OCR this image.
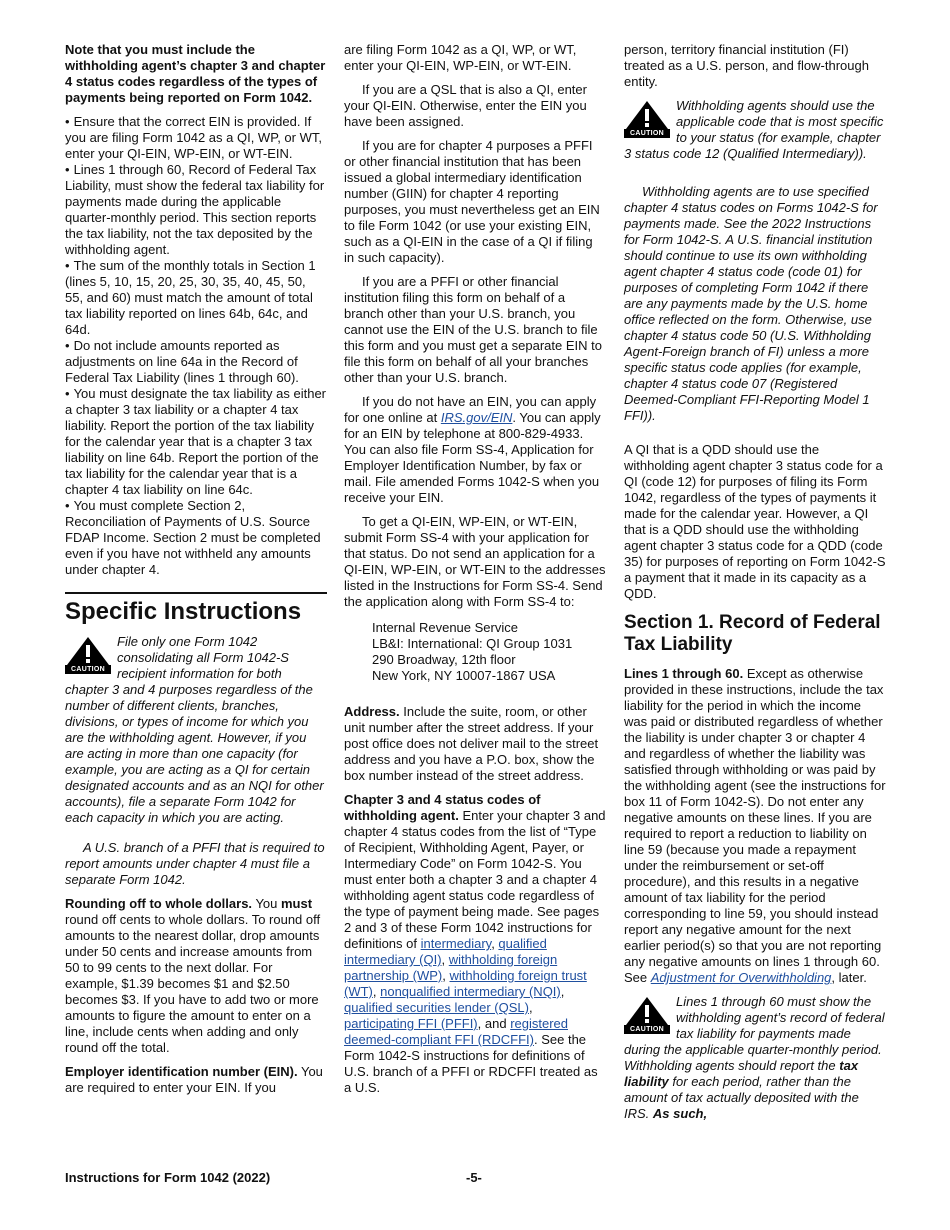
Note that you must include the withholding agent’s chapter 3 and chapter 4 status codes regardless of the types of payments being reported on Form 1042.

• Ensure that the correct EIN is provided. If you are filing Form 1042 as a QI, WP, or WT, enter your QI-EIN, WP-EIN, or WT-EIN.

• Lines 1 through 60, Record of Federal Tax Liability, must show the federal tax liability for payments made during the applicable quarter-monthly period. This section reports the tax liability, not the tax deposited by the withholding agent.

• The sum of the monthly totals in Section 1 (lines 5, 10, 15, 20, 25, 30, 35, 40, 45, 50, 55, and 60) must match the amount of total tax liability reported on lines 64b, 64c, and 64d.

• Do not include amounts reported as adjustments on line 64a in the Record of Federal Tax Liability (lines 1 through 60).

• You must designate the tax liability as either a chapter 3 tax liability or a chapter 4 tax liability. Report the portion of the tax liability for the calendar year that is a chapter 3 tax liability on line 64b. Report the portion of the tax liability for the calendar year that is a chapter 4 tax liability on line 64c.

• You must complete Section 2, Reconciliation of Payments of U.S. Source FDAP Income. Section 2 must be completed even if you have not withheld any amounts under chapter 4.

Specific Instructions
CAUTION

File only one Form 1042 consolidating all Form 1042-S recipient information for both chapter 3 and 4 purposes regardless of the number of different clients, branches, divisions, or types of income for which you are the withholding agent. However, if you are acting in more than one capacity (for example, you are acting as a QI for certain designated accounts and as an NQI for other accounts), file a separate Form 1042 for each capacity in which you are acting.

A U.S. branch of a PFFI that is required to report amounts under chapter 4 must file a separate Form 1042.

Rounding off to whole dollars. You must round off cents to whole dollars. To round off amounts to the nearest dollar, drop amounts under 50 cents and increase amounts from 50 to 99 cents to the next dollar. For example, $1.39 becomes $1 and $2.50 becomes $3. If you have to add two or more amounts to figure the amount to enter on a line, include cents when adding and only round off the total.

Employer identification number (EIN). You are required to enter your EIN. If you

are filing Form 1042 as a QI, WP, or WT, enter your QI-EIN, WP-EIN, or WT-EIN.

If you are a QSL that is also a QI, enter your QI-EIN. Otherwise, enter the EIN you have been assigned.

If you are for chapter 4 purposes a PFFI or other financial institution that has been issued a global intermediary identification number (GIIN) for chapter 4 reporting purposes, you must nevertheless get an EIN to file Form 1042 (or use your existing EIN, such as a QI-EIN in the case of a QI if filing in such capacity).

If you are a PFFI or other financial institution filing this form on behalf of a branch other than your U.S. branch, you cannot use the EIN of the U.S. branch to file this form and you must get a separate EIN to file this form on behalf of all your branches other than your U.S. branch.

If you do not have an EIN, you can apply for one online at IRS.gov/EIN. You can apply for an EIN by telephone at 800-829-4933. You can also file Form SS-4, Application for Employer Identification Number, by fax or mail. File amended Forms 1042-S when you receive your EIN.

To get a QI-EIN, WP-EIN, or WT-EIN, submit Form SS-4 with your application for that status. Do not send an application for a QI-EIN, WP-EIN, or WT-EIN to the addresses listed in the Instructions for Form SS-4. Send the application along with Form SS-4 to:

Internal Revenue Service
LB&I: International: QI Group 1031
290 Broadway, 12th floor
New York, NY 10007-1867 USA

Address. Include the suite, room, or other unit number after the street address. If your post office does not deliver mail to the street address and you have a P.O. box, show the box number instead of the street address.

Chapter 3 and 4 status codes of withholding agent. Enter your chapter 3 and chapter 4 status codes from the list of “Type of Recipient, Withholding Agent, Payer, or Intermediary Code” on Form 1042-S. You must enter both a chapter 3 and a chapter 4 withholding agent status code regardless of the type of payment being made. See pages 2 and 3 of these Form 1042 instructions for definitions of intermediary, qualified intermediary (QI), withholding foreign partnership (WP), withholding foreign trust (WT), nonqualified intermediary (NQI), qualified securities lender (QSL), participating FFI (PFFI), and registered deemed-compliant FFI (RDCFFI). See the Form 1042-S instructions for definitions of U.S. branch of a PFFI or RDCFFI treated as a U.S.

person, territory financial institution (FI) treated as a U.S. person, and flow-through entity.

CAUTION

Withholding agents should use the applicable code that is most specific to your status (for example, chapter 3 status code 12 (Qualified Intermediary)).

Withholding agents are to use specified chapter 4 status codes on Forms 1042-S for payments made. See the 2022 Instructions for Form 1042-S. A U.S. financial institution should continue to use its own withholding agent chapter 4 status code (code 01) for purposes of completing Form 1042 if there are any payments made by the U.S. home office reflected on the form. Otherwise, use chapter 4 status code 50 (U.S. Withholding Agent-Foreign branch of FI) unless a more specific status code applies (for example, chapter 4 status code 07 (Registered Deemed-Compliant FFI-Reporting Model 1 FFI)).

A QI that is a QDD should use the withholding agent chapter 3 status code for a QI (code 12) for purposes of filing its Form 1042, regardless of the types of payments it made for the calendar year. However, a QI that is a QDD should use the withholding agent chapter 3 status code for a QDD (code 35) for purposes of reporting on Form 1042-S a payment that it made in its capacity as a QDD.

Section 1. Record of Federal Tax Liability

Lines 1 through 60. Except as otherwise provided in these instructions, include the tax liability for the period in which the income was paid or distributed regardless of whether the liability is under chapter 3 or chapter 4 and regardless of whether the liability was satisfied through withholding or was paid by the withholding agent (see the instructions for box 11 of Form 1042-S). Do not enter any negative amounts on these lines. If you are required to report a reduction to liability on line 59 (because you made a repayment under the reimbursement or set-off procedure), and this results in a negative amount of tax liability for the period corresponding to line 59, you should instead report any negative amount for the next earlier period(s) so that you are not reporting any negative amounts on lines 1 through 60. See Adjustment for Overwithholding, later.

CAUTION

Lines 1 through 60 must show the withholding agent’s record of federal tax liability for payments made during the applicable quarter-monthly period. Withholding agents should report the tax liability for each period, rather than the amount of tax actually deposited with the IRS. As such,

Instructions for Form 1042 (2022)	-5-
